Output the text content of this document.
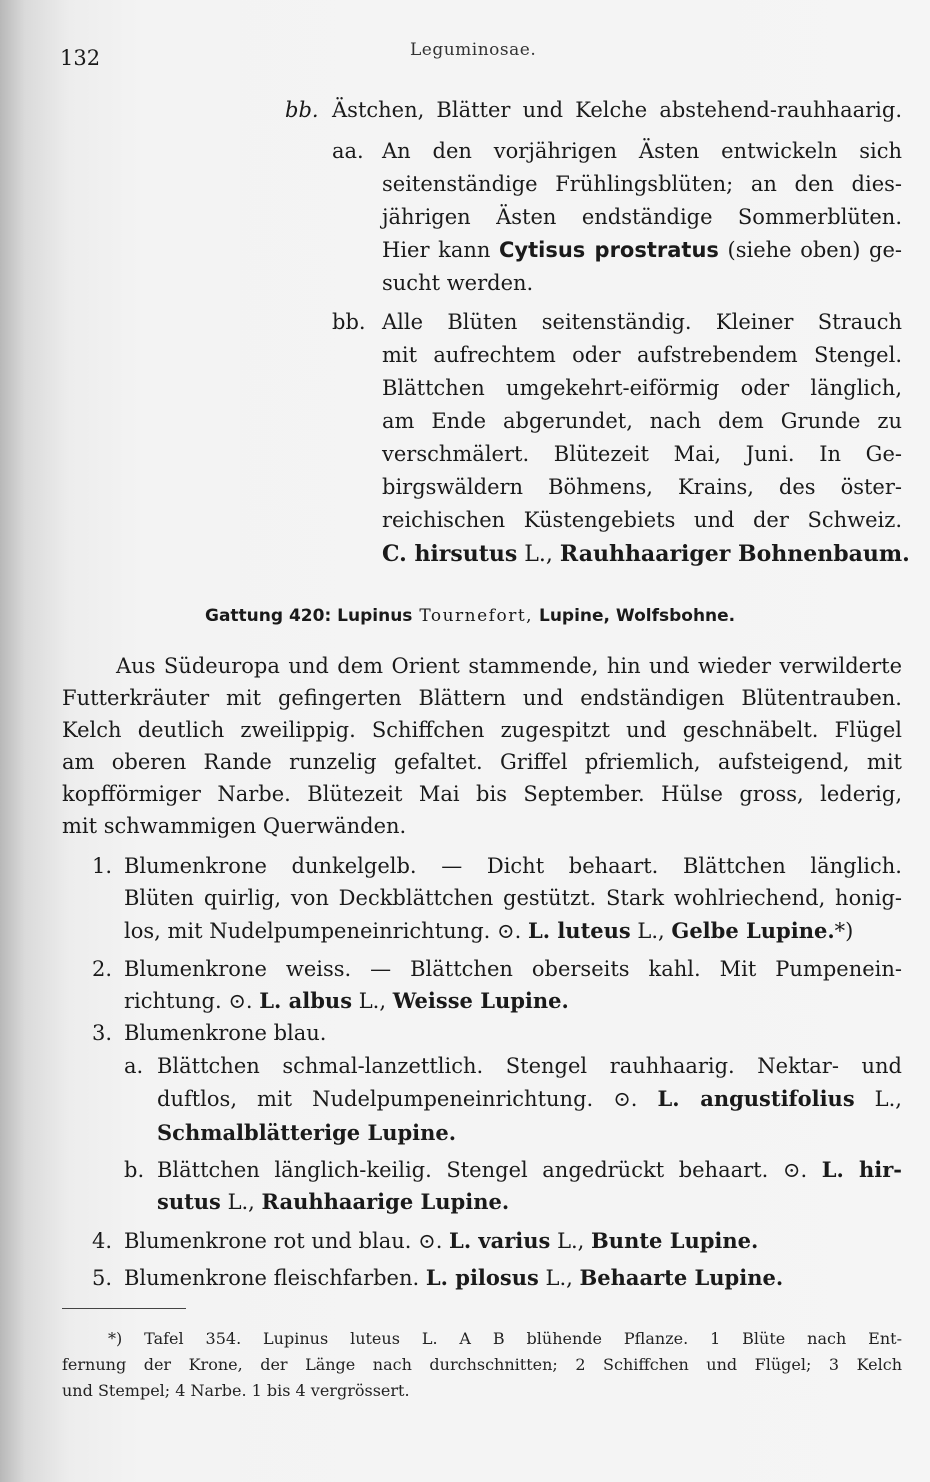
132	Leguminosae.
bb. Ästchen, Blätter und Kelche abstehend-rauhhaarig.
aa. An den vorjährigen Ästen entwickeln sich
seitenständige Frühlingsblüten; an den dies-
jährigen Ästen endständige Sommerblüten.
Hier kann Cytisus prostratus (siehe oben) ge-
sucht werden.
bb. Alle Blüten seitenständig. Kleiner Strauch
mit aufrechtem oder aufstrebendem Stengel.
Blättchen umgekehrt-eiförmig oder länglich,
am Ende abgerundet, nach dem Grunde zu
verschmälert. Blütezeit Mai, Juni. In Ge-
birgswäldern Böhmens, Krains, des öster-
reichischen Küstengebiets und der Schweiz.
C. hirsutus L., Rauhhaariger Bohnenbaum.
Gattung 420: Lupinus Tournefort, Lupine, Wolfsbohne.
Aus Südeuropa und dem Orient stammende, hin und wieder verwilderte
Futterkräuter mit gefingerten Blättern und endständigen Blütentrauben.
Kelch deutlich zweilippig. Schiffchen zugespitzt und geschnäbelt. Flügel
am oberen Rande runzelig gefaltet. Griffel pfriemlich, aufsteigend, mit
kopfförmiger Narbe. Blütezeit Mai bis September. Hülse gross, lederig,
mit schwammigen Querwänden.
1. Blumenkrone dunkelgelb. — Dicht behaart. Blättchen länglich.
Blüten quirlig, von Deckblättchen gestützt. Stark wohlriechend, honig-
los, mit Nudelpumpeneinrichtung. ⊙. L. luteus L., Gelbe Lupine.*)
2. Blumenkrone weiss. — Blättchen oberseits kahl. Mit Pumpenein-
richtung. ⊙. L. albus L., Weisse Lupine.
3. Blumenkrone blau.
a. Blättchen schmal-lanzettlich. Stengel rauhhaarig. Nektar- und
duftlos, mit Nudelpumpeneinrichtung. ⊙. L. angustifolius L.,
Schmalblätterige Lupine.
b. Blättchen länglich-keilig. Stengel angedrückt behaart. ⊙. L. hir-
sutus L., Rauhhaarige Lupine.
4. Blumenkrone rot und blau. ⊙. L. varius L., Bunte Lupine.
5. Blumenkrone fleischfarben. L. pilosus L., Behaarte Lupine.
*) Tafel 354. Lupinus luteus L. A B blühende Pflanze. 1 Blüte nach Ent-
fernung der Krone, der Länge nach durchschnitten; 2 Schiffchen und Flügel; 3 Kelch
und Stempel; 4 Narbe. 1 bis 4 vergrössert.
